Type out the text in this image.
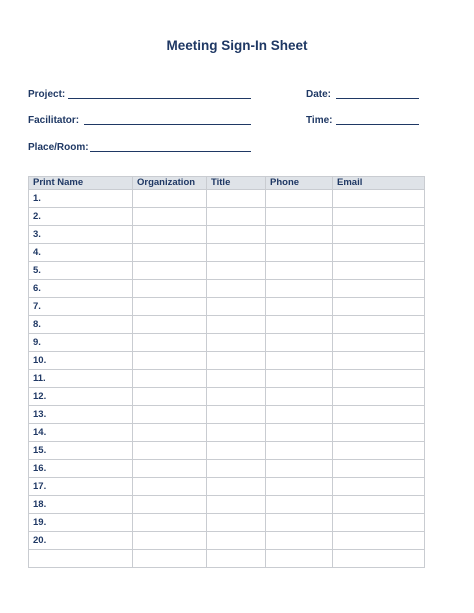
Meeting Sign-In Sheet
Project:	Date:
Facilitator:	Time:
Place/Room:
Print Name	Organization	Title	Phone	Email
1.				
2.				
3.				
4.				
5.				
6.				
7.				
8.				
9.				
10.				
11.				
12.				
13.				
14.				
15.				
16.				
17.				
18.				
19.				
20.				
